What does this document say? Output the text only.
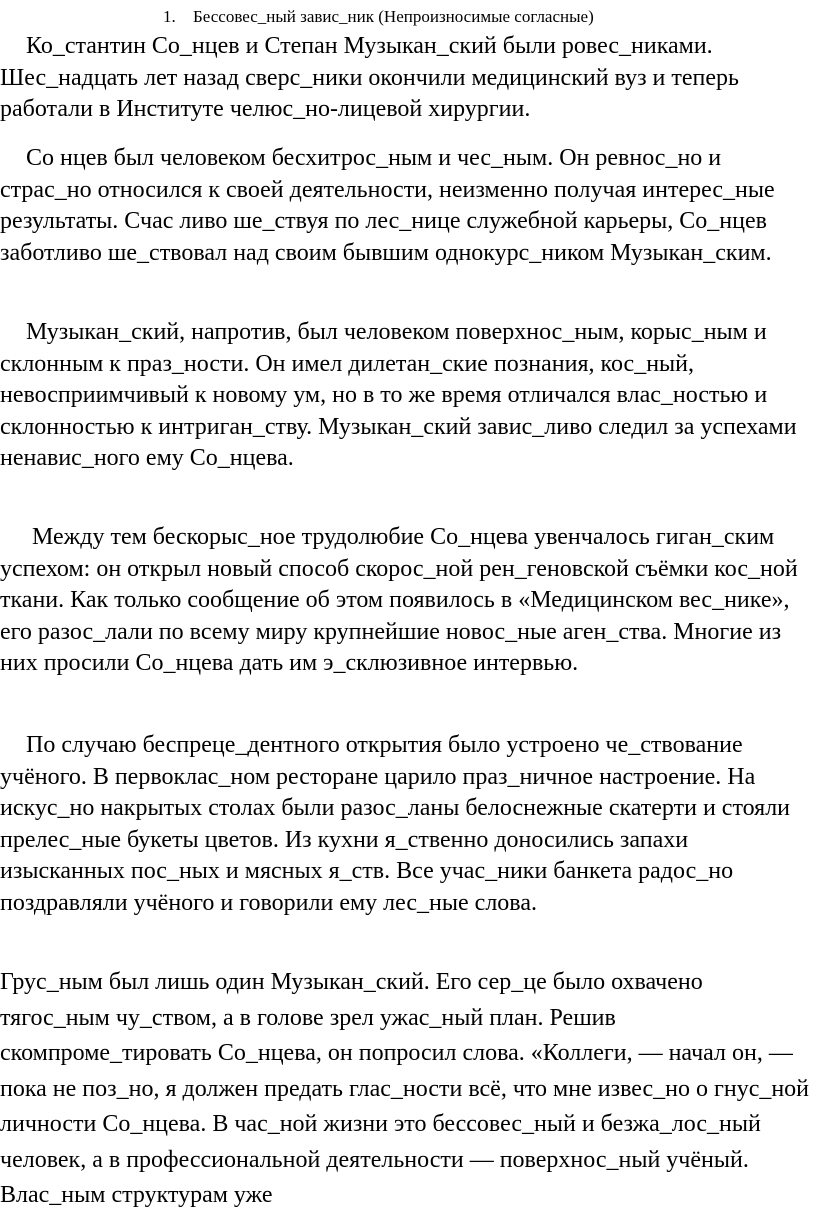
1. Бессовес_ный завис_ник (Непроизносимые согласные)

Ко_стантин Со_нцев и Степан Музыкан_ский были ровес_никами. Шес_надцать лет назад сверс_ники окончили медицинский вуз и теперь работали в Институте челюс_но-лицевой хирургии.

Со нцев был человеком бесхитрос_ным и чес_ным. Он ревнос_но и страс_но относился к своей деятельности, неизменно получая интерес_ные результаты. Счас ливо ше_ствуя по лес_нице служебной карьеры, Со_нцев заботливо ше_ствовал над своим бывшим однокурс_ником Музыкан_ским.

Музыкан_ский, напротив, был человеком поверхнос_ным, корыс_ным и склонным к праз_ности. Он имел дилетан_ские познания, кос_ный, невосприимчивый к новому ум, но в то же время отличался влас_ностью и склонностью к интриган_ству. Музыкан_ский завис_ливо следил за успехами ненавис_ного ему Со_нцева.

Между тем бескорыс_ное трудолюбие Со_нцева увенчалось гиган_ским успехом: он открыл новый способ скорос_ной рен_геновской съёмки кос_ной ткани. Как только сообщение об этом появилось в «Медицинском вес_нике», его разос_лали по всему миру крупнейшие новос_ные аген_ства. Многие из них просили Со_нцева дать им э_склюзивное интервью.

По случаю беспреце_дентного открытия было устроено че_ствование учёного. В первоклас_ном ресторане царило праз_ничное настроение. На искус_но накрытых столах были разос_ланы белоснежные скатерти и стояли прелес_ные букеты цветов. Из кухни я_ственно доносились запахи изысканных пос_ных и мясных я_ств. Все учас_ники банкета радос_но поздравляли учёного и говорили ему лес_ные слова.

Грус_ным был лишь один Музыкан_ский. Его сер_це было охвачено тягос_ным чу_ством, а в голове зрел ужас_ный план. Решив скомпроме_тировать Со_нцева, он попросил слова. «Коллеги, — начал он, — пока не поз_но, я должен предать глас_ности всё, что мне извес_но о гнус_ной личности Со_нцева. В час_ной жизни это бессовес_ный и безжа_лос_ный человек, а в профессиональной деятельности — поверхнос_ный учёный. Влас_ным структурам уже
